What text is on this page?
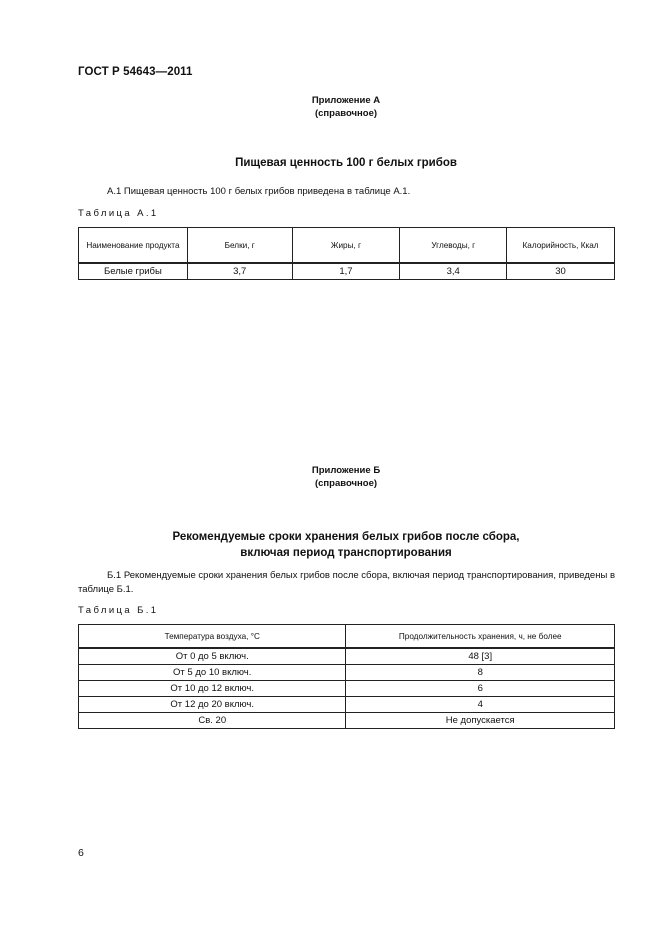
ГОСТ Р 54643—2011
Приложение А
(справочное)
Пищевая ценность 100 г белых грибов
А.1 Пищевая ценность 100 г белых грибов приведена в таблице А.1.
Таблица А.1
Наименование продукта	Белки, г	Жиры, г	Углеводы, г	Калорийность, Ккал
Белые грибы	3,7	1,7	3,4	30
Приложение Б
(справочное)
Рекомендуемые сроки хранения белых грибов после сбора,
включая период транспортирования
Б.1 Рекомендуемые сроки хранения белых грибов после сбора, включая период транспортирования, приведены в таблице Б.1.
Таблица Б.1
Температура воздуха, °С	Продолжительность хранения, ч, не более
От 0 до 5 включ.	48 [3]
От 5 до 10 включ.	8
От 10 до 12 включ.	6
От 12 до 20 включ.	4
Св. 20	Не допускается
6
